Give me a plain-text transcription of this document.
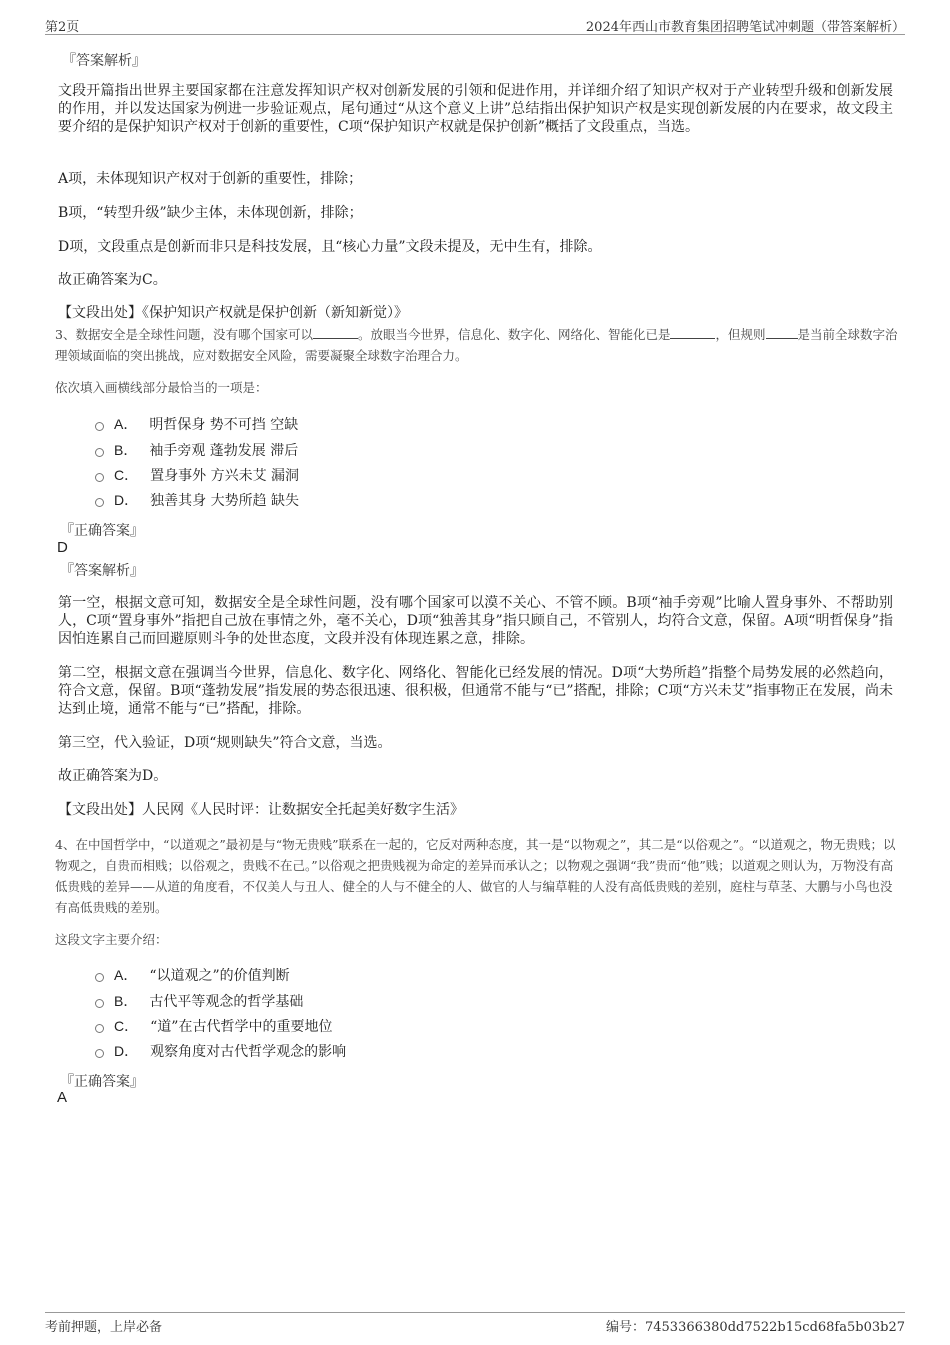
第2页	2024年西山市教育集团招聘笔试冲刺题（带答案解析）
『答案解析』

文段开篇指出世界主要国家都在注意发挥知识产权对创新发展的引领和促进作用，并详细介绍了知识产权对于产业转型升级和创新发展的作用，并以发达国家为例进一步验证观点，尾句通过“从这个意义上讲”总结指出保护知识产权是实现创新发展的内在要求，故文段主要介绍的是保护知识产权对于创新的重要性，C项“保护知识产权就是保护创新”概括了文段重点，当选。

A项，未体现知识产权对于创新的重要性，排除；

B项，“转型升级”缺少主体，未体现创新，排除；

D项，文段重点是创新而非只是科技发展，且“核心力量”文段未提及，无中生有，排除。

故正确答案为C。

【文段出处】《保护知识产权就是保护创新（新知新觉）》

3、数据安全是全球性问题，没有哪个国家可以	。放眼当今世界，信息化、数字化、网络化、智能化已是	，但规则	是当前全球数字治理领域面临的突出挑战，应对数据安全风险，需要凝聚全球数字治理合力。

依次填入画横线部分最恰当的一项是：
A． 明哲保身 势不可挡 空缺
B． 袖手旁观 蓬勃发展 滞后
C． 置身事外 方兴未艾 漏洞
D． 独善其身 大势所趋 缺失
『正确答案』
D
『答案解析』

第一空，根据文意可知，数据安全是全球性问题，没有哪个国家可以漠不关心、不管不顾。B项“袖手旁观”比喻人置身事外、不帮助别人，C项“置身事外”指把自己放在事情之外，毫不关心，D项“独善其身”指只顾自己，不管别人，均符合文意，保留。A项“明哲保身”指因怕连累自己而回避原则斗争的处世态度，文段并没有体现连累之意，排除。

第二空，根据文意在强调当今世界，信息化、数字化、网络化、智能化已经发展的情况。D项“大势所趋”指整个局势发展的必然趋向，符合文意，保留。B项“蓬勃发展”指发展的势态很迅速、很积极，但通常不能与“已”搭配，排除；C项“方兴未艾”指事物正在发展，尚未达到止境，通常不能与“已”搭配，排除。

第三空，代入验证，D项“规则缺失”符合文意，当选。

故正确答案为D。

【文段出处】人民网《人民时评：让数据安全托起美好数字生活》

4、在中国哲学中，“以道观之”最初是与“物无贵贱”联系在一起的，它反对两种态度，其一是“以物观之”，其二是“以俗观之”。“以道观之，物无贵贱；以物观之，自贵而相贱；以俗观之，贵贱不在己。”以俗观之把贵贱视为命定的差异而承认之；以物观之强调“我”贵而“他”贱；以道观之则认为，万物没有高低贵贱的差异——从道的角度看，不仅美人与丑人、健全的人与不健全的人、做官的人与编草鞋的人没有高低贵贱的差别，庭柱与草茎、大鹏与小鸟也没有高低贵贱的差别。

这段文字主要介绍：
A． “以道观之”的价值判断
B． 古代平等观念的哲学基础
C． “道”在古代哲学中的重要地位
D． 观察角度对古代哲学观念的影响
『正确答案』
A
考前押题，上岸必备	编号：7453366380dd7522b15cd68fa5b03b27
